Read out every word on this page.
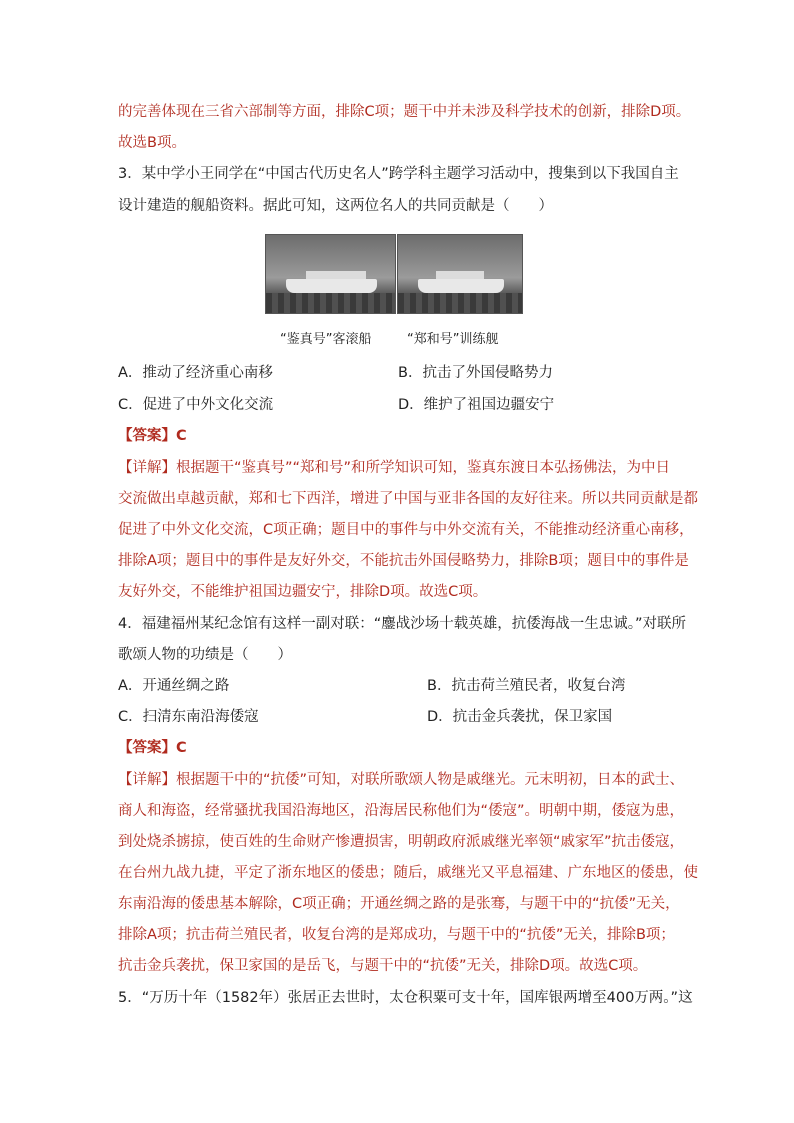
的完善体现在三省六部制等方面，排除C项；题干中并未涉及科学技术的创新，排除D项。
故选B项。
3．某中学小王同学在“中国古代历史名人”跨学科主题学习活动中，搜集到以下我国自主
设计建造的舰船资料。据此可知，这两位名人的共同贡献是（　　）
“鉴真号”客滚船	“郑和号”训练舰
A．推动了经济重心南移	B．抗击了外国侵略势力
C．促进了中外文化交流	D．维护了祖国边疆安宁
【答案】C
【详解】根据题干“鉴真号”“郑和号”和所学知识可知，鉴真东渡日本弘扬佛法，为中日
交流做出卓越贡献，郑和七下西洋，增进了中国与亚非各国的友好往来。所以共同贡献是都
促进了中外文化交流，C项正确；题目中的事件与中外交流有关，不能推动经济重心南移，
排除A项；题目中的事件是友好外交，不能抗击外国侵略势力，排除B项；题目中的事件是
友好外交，不能维护祖国边疆安宁，排除D项。故选C项。
4．福建福州某纪念馆有这样一副对联：“鏖战沙场十载英雄，抗倭海战一生忠诚。”对联所
歌颂人物的功绩是（　　）
A．开通丝绸之路	B．抗击荷兰殖民者，收复台湾
C．扫清东南沿海倭寇	D．抗击金兵袭扰，保卫家国
【答案】C
【详解】根据题干中的“抗倭”可知，对联所歌颂人物是戚继光。元末明初，日本的武士、
商人和海盗，经常骚扰我国沿海地区，沿海居民称他们为“倭寇”。明朝中期，倭寇为患，
到处烧杀掳掠，使百姓的生命财产惨遭损害，明朝政府派戚继光率领“戚家军”抗击倭寇，
在台州九战九捷，平定了浙东地区的倭患；随后，戚继光又平息福建、广东地区的倭患，使
东南沿海的倭患基本解除，C项正确；开通丝绸之路的是张骞，与题干中的“抗倭”无关，
排除A项；抗击荷兰殖民者，收复台湾的是郑成功，与题干中的“抗倭”无关，排除B项；
抗击金兵袭扰，保卫家国的是岳飞，与题干中的“抗倭”无关，排除D项。故选C项。
5．“万历十年（1582年）张居正去世时，太仓积粟可支十年，国库银两增至400万两。”这
